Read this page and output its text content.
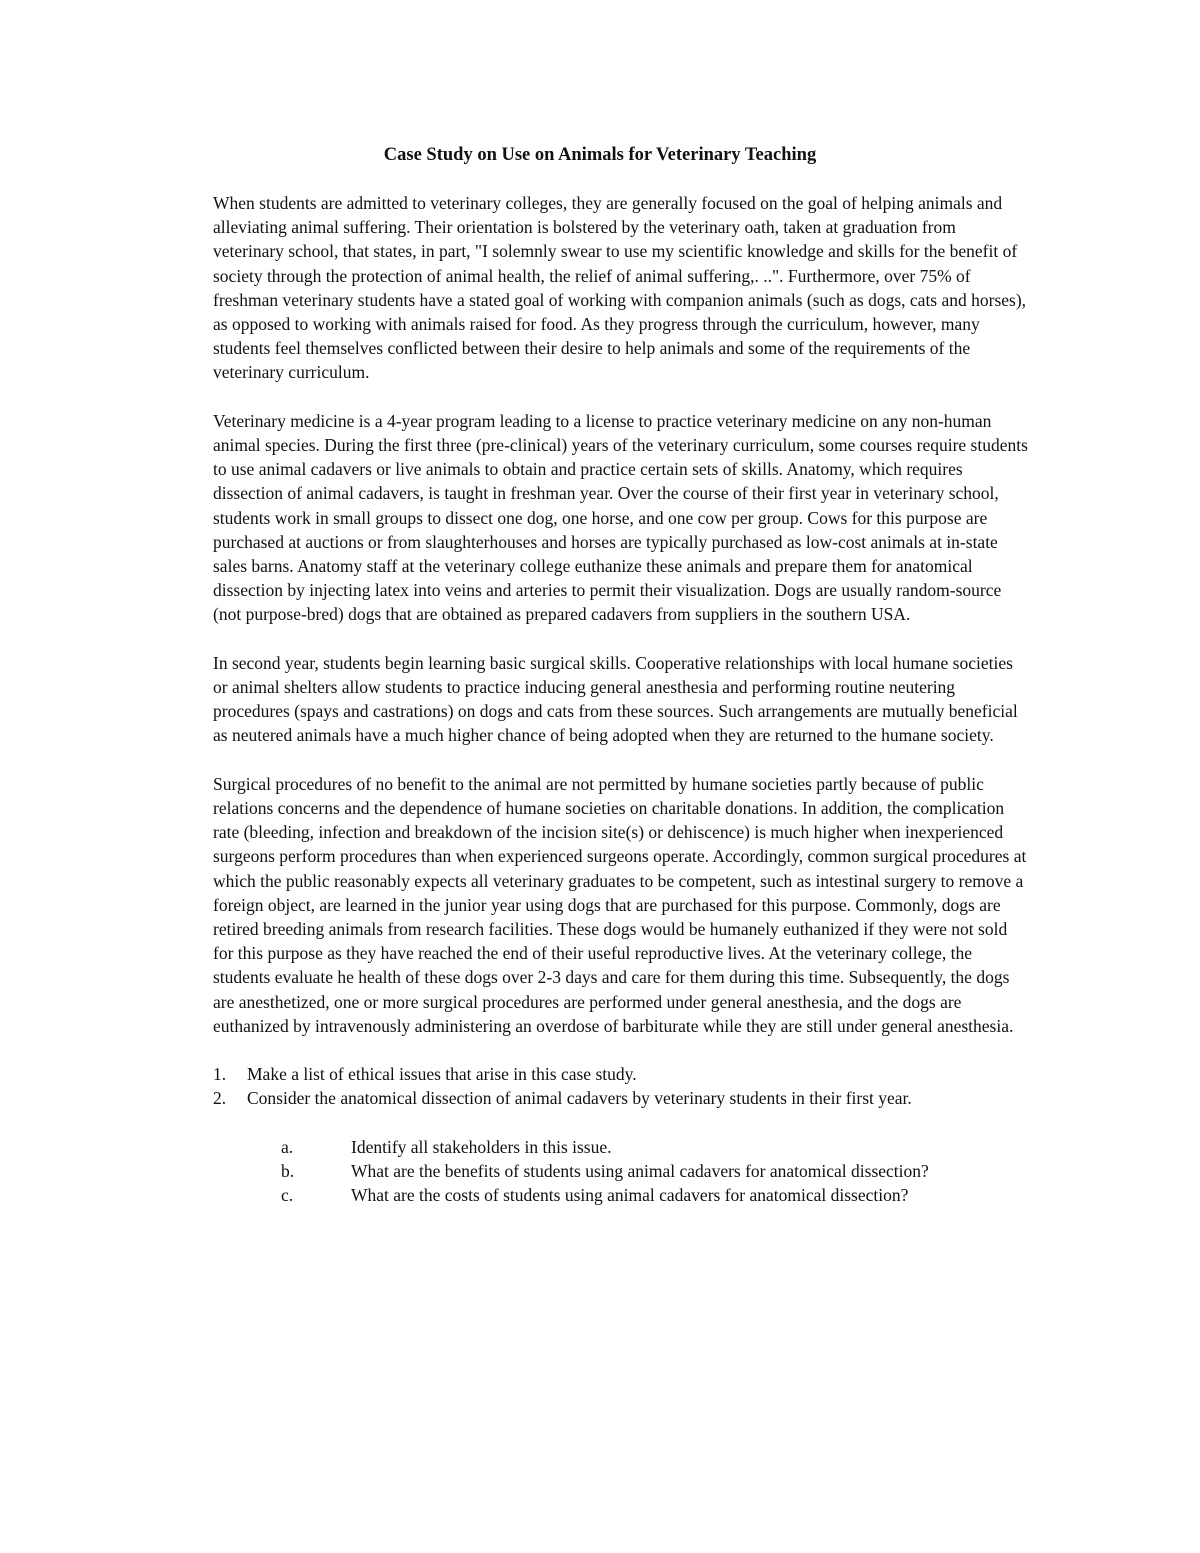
Case Study on Use on Animals for Veterinary Teaching

When students are admitted to veterinary colleges, they are generally focused on the goal of helping animals and alleviating animal suffering. Their orientation is bolstered by the veterinary oath, taken at graduation from veterinary school, that states, in part, "I solemnly swear to use my scientific knowledge and skills for the benefit of society through the protection of animal health, the relief of animal suffering,. ..". Furthermore, over 75% of freshman veterinary students have a stated goal of working with companion animals (such as dogs, cats and horses), as opposed to working with animals raised for food. As they progress through the curriculum, however, many students feel themselves conflicted between their desire to help animals and some of the requirements of the veterinary curriculum.

Veterinary medicine is a 4-year program leading to a license to practice veterinary medicine on any non-human animal species. During the first three (pre-clinical) years of the veterinary curriculum, some courses require students to use animal cadavers or live animals to obtain and practice certain sets of skills. Anatomy, which requires dissection of animal cadavers, is taught in freshman year. Over the course of their first year in veterinary school, students work in small groups to dissect one dog, one horse, and one cow per group. Cows for this purpose are purchased at auctions or from slaughterhouses and horses are typically purchased as low-cost animals at in-state sales barns. Anatomy staff at the veterinary college euthanize these animals and prepare them for anatomical dissection by injecting latex into veins and arteries to permit their visualization. Dogs are usually random-source (not purpose-bred) dogs that are obtained as prepared cadavers from suppliers in the southern USA.

In second year, students begin learning basic surgical skills. Cooperative relationships with local humane societies or animal shelters allow students to practice inducing general anesthesia and performing routine neutering procedures (spays and castrations) on dogs and cats from these sources. Such arrangements are mutually beneficial as neutered animals have a much higher chance of being adopted when they are returned to the humane society.

Surgical procedures of no benefit to the animal are not permitted by humane societies partly because of public relations concerns and the dependence of humane societies on charitable donations. In addition, the complication rate (bleeding, infection and breakdown of the incision site(s) or dehiscence) is much higher when inexperienced surgeons perform procedures than when experienced surgeons operate. Accordingly, common surgical procedures at which the public reasonably expects all veterinary graduates to be competent, such as intestinal surgery to remove a foreign object, are learned in the junior year using dogs that are purchased for this purpose. Commonly, dogs are retired breeding animals from research facilities. These dogs would be humanely euthanized if they were not sold for this purpose as they have reached the end of their useful reproductive lives. At the veterinary college, the students evaluate he health of these dogs over 2-3 days and care for them during this time. Subsequently, the dogs are anesthetized, one or more surgical procedures are performed under general anesthesia, and the dogs are euthanized by intravenously administering an overdose of barbiturate while they are still under general anesthesia.

1. Make a list of ethical issues that arise in this case study.
2. Consider the anatomical dissection of animal cadavers by veterinary students in their first year.
a.	Identify all stakeholders in this issue.
b.	What are the benefits of students using animal cadavers for anatomical dissection?
c.	What are the costs of students using animal cadavers for anatomical dissection?
